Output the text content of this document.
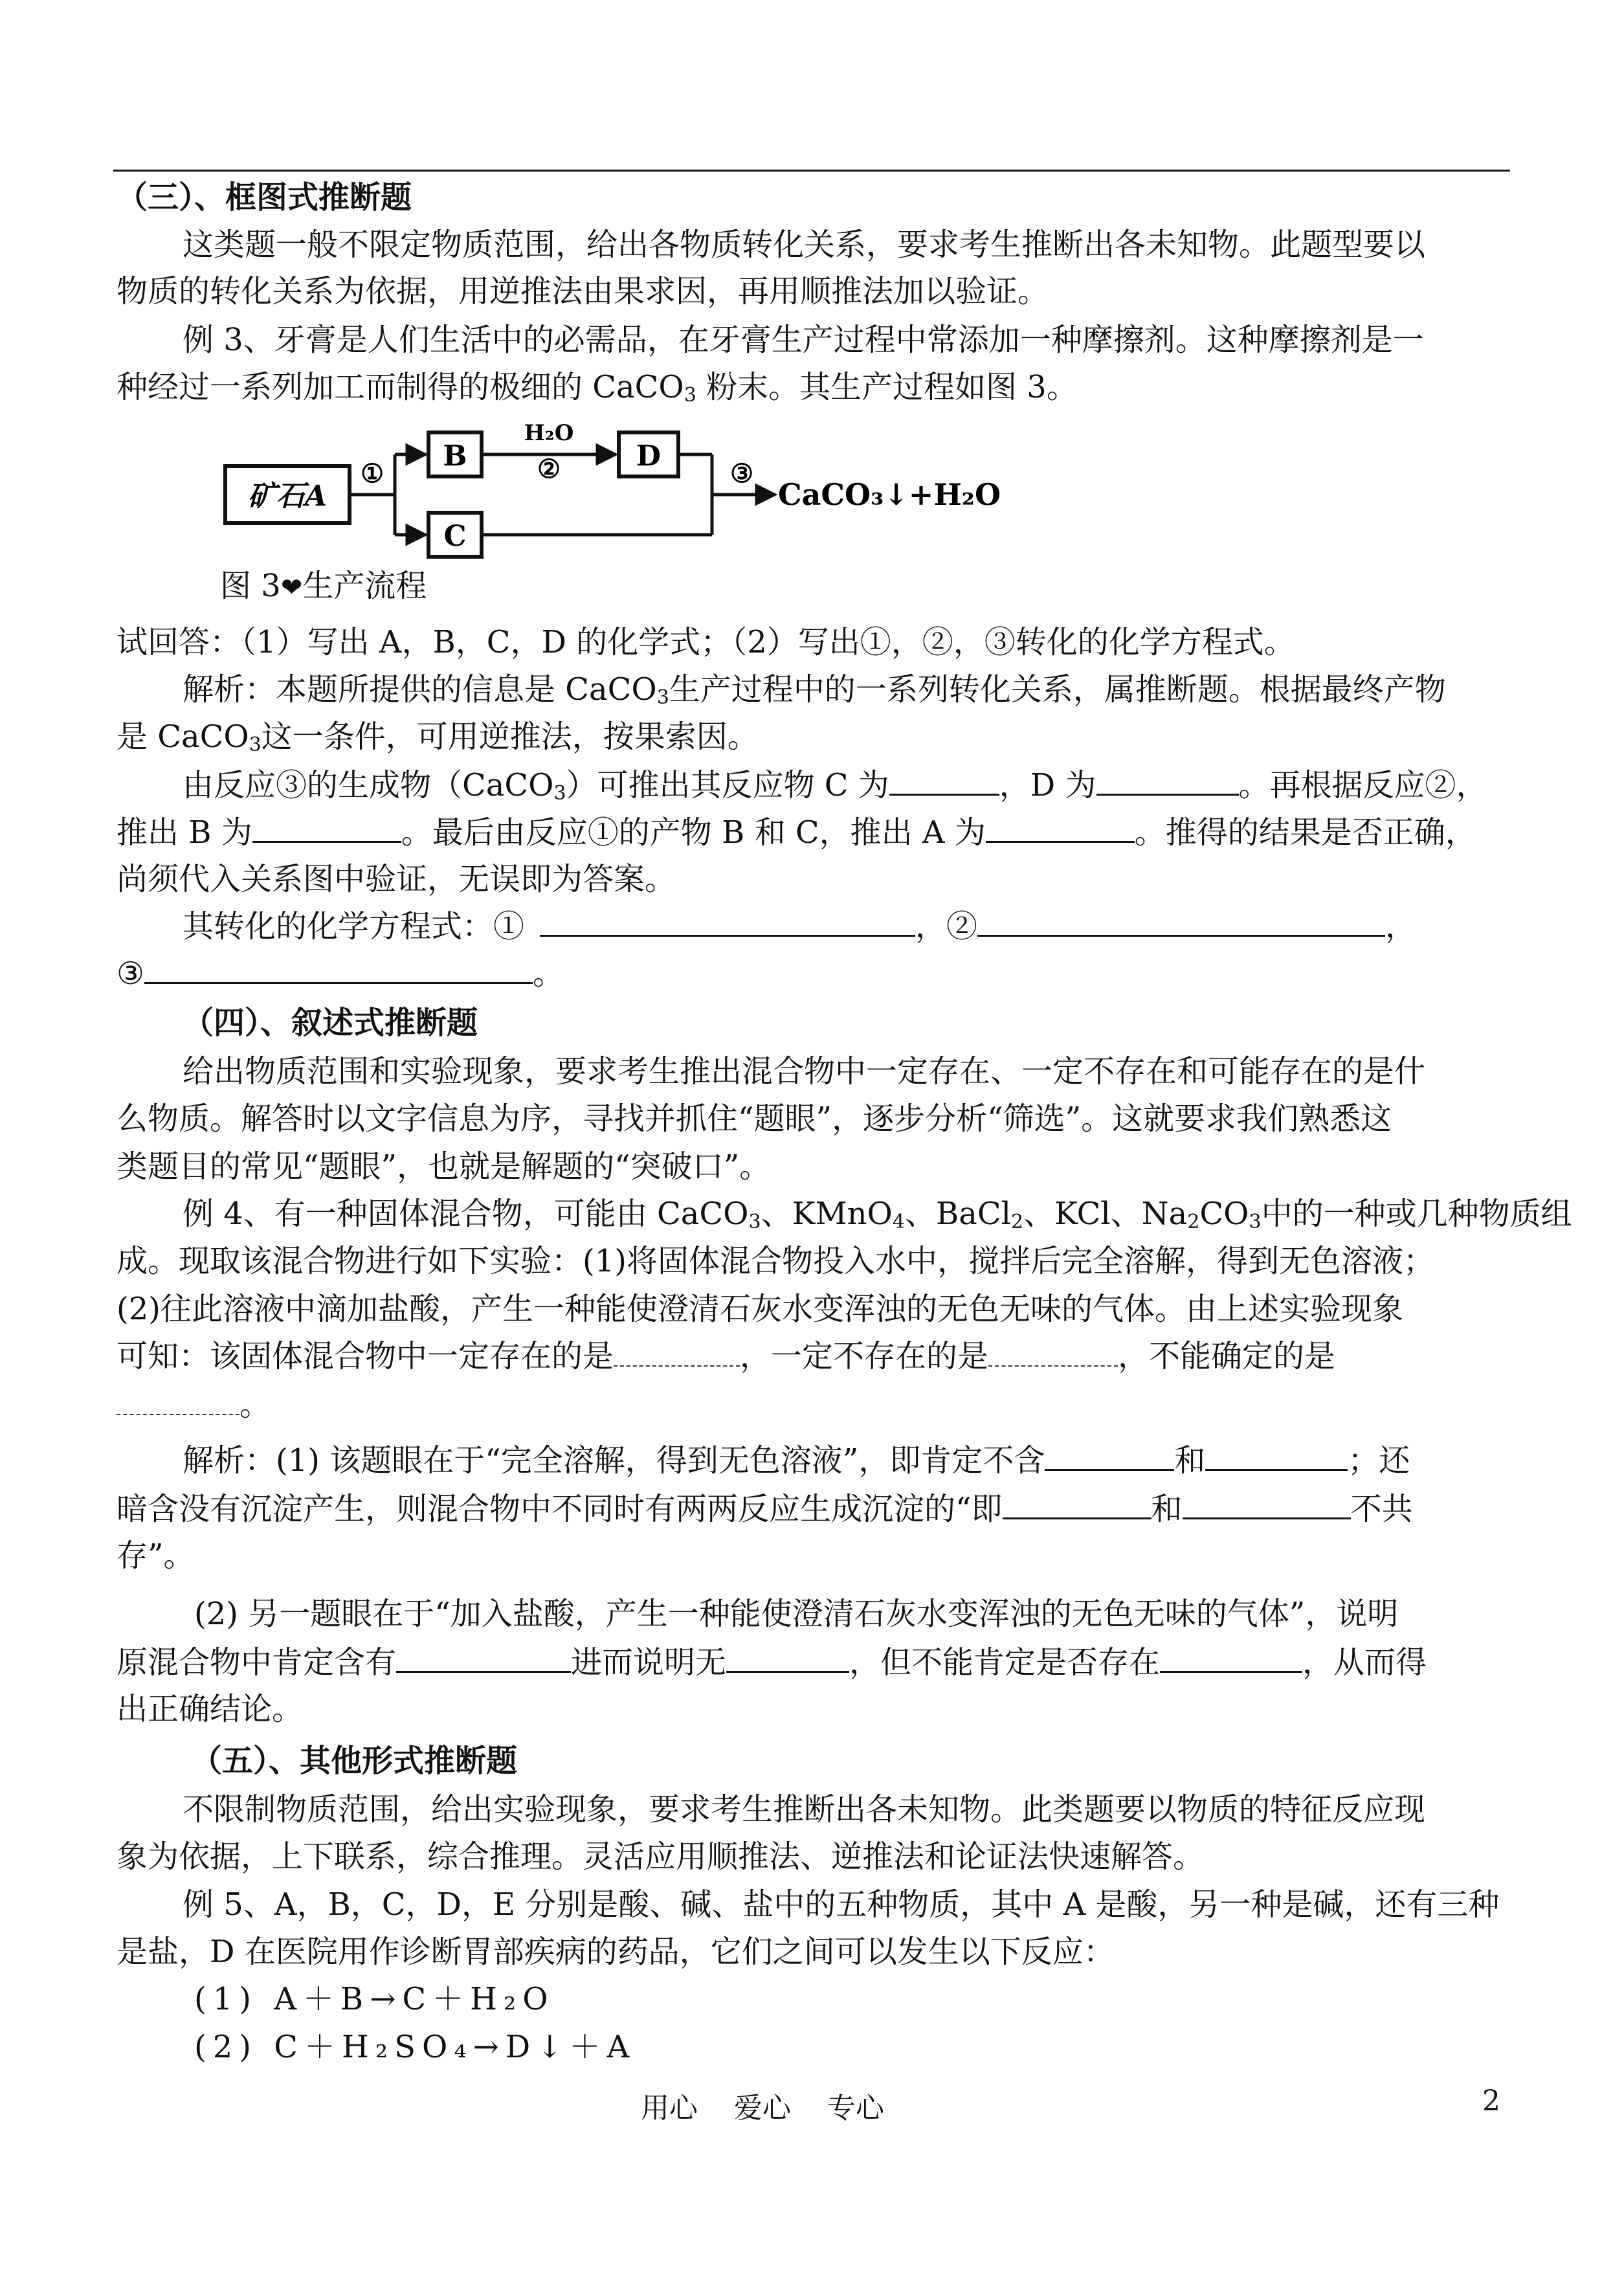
（三）、框图式推断题
这类题一般不限定物质范围，给出各物质转化关系，要求考生推断出各未知物。此题型要以
物质的转化关系为依据，用逆推法由果求因，再用顺推法加以验证。
例 3、牙膏是人们生活中的必需品，在牙膏生产过程中常添加一种摩擦剂。这种摩擦剂是一
种经过一系列加工而制得的极细的 CaCO$_3$ 粉末。其生产过程如图 3。
矿石A
①
B
C
H₂O
②	D
③
CaCO₃↓+H₂O
图 3❤生产流程
试回答：（1）写出 A，B，C，D 的化学式；（2）写出①，②，③转化的化学方程式。
解析：本题所提供的信息是 CaCO$_3$生产过程中的一系列转化关系，属推断题。根据最终产物
是 CaCO$_3$这一条件，可用逆推法，按果索因。
由反应③的生成物（CaCO$_3$）可推出其反应物 C 为	，D 为	。再根据反应②，
推出 B 为	。最后由反应①的产物 B 和 C，推出 A 为	。推得的结果是否正确，
尚须代入关系图中验证，无误即为答案。
其转化的化学方程式：①	，②	，
③	。
（四）、叙述式推断题
给出物质范围和实验现象，要求考生推出混合物中一定存在、一定不存在和可能存在的是什
么物质。解答时以文字信息为序，寻找并抓住“题眼”，逐步分析“筛选”。这就要求我们熟悉这
类题目的常见“题眼”，也就是解题的“突破口”。
例 4、有一种固体混合物，可能由 CaCO$_3$、KMnO$_4$、BaCl$_2$、KCl、$Na_2CO_3$中的一种或几种物质组
成。现取该混合物进行如下实验：(1)将固体混合物投入水中，搅拌后完全溶解，得到无色溶液；
(2)往此溶液中滴加盐酸，产生一种能使澄清石灰水变浑浊的无色无味的气体。由上述实验现象
可知：该固体混合物中一定存在的是	，一定不存在的是	，不能确定的是
。
解析：(1) 该题眼在于“完全溶解，得到无色溶液”，即肯定不含	和	；还
暗含没有沉淀产生，则混合物中不同时有两两反应生成沉淀的“即	和	不共
存”。
(2) 另一题眼在于“加入盐酸，产生一种能使澄清石灰水变浑浊的无色无味的气体”，说明
原混合物中肯定含有	进而说明无	，但不能肯定是否存在	，从而得
出正确结论。
（五）、其他形式推断题
不限制物质范围，给出实验现象，要求考生推断出各未知物。此类题要以物质的特征反应现
象为依据，上下联系，综合推理。灵活应用顺推法、逆推法和论证法快速解答。
例 5、A，B，C，D，E 分别是酸、碱、盐中的五种物质，其中 A 是酸，另一种是碱，还有三种
是盐，D 在医院用作诊断胃部疾病的药品，它们之间可以发生以下反应：
(1) A＋B→C＋H₂O
(2) C＋H₂SO₄→D↓＋A
用心    爱心    专心	2
